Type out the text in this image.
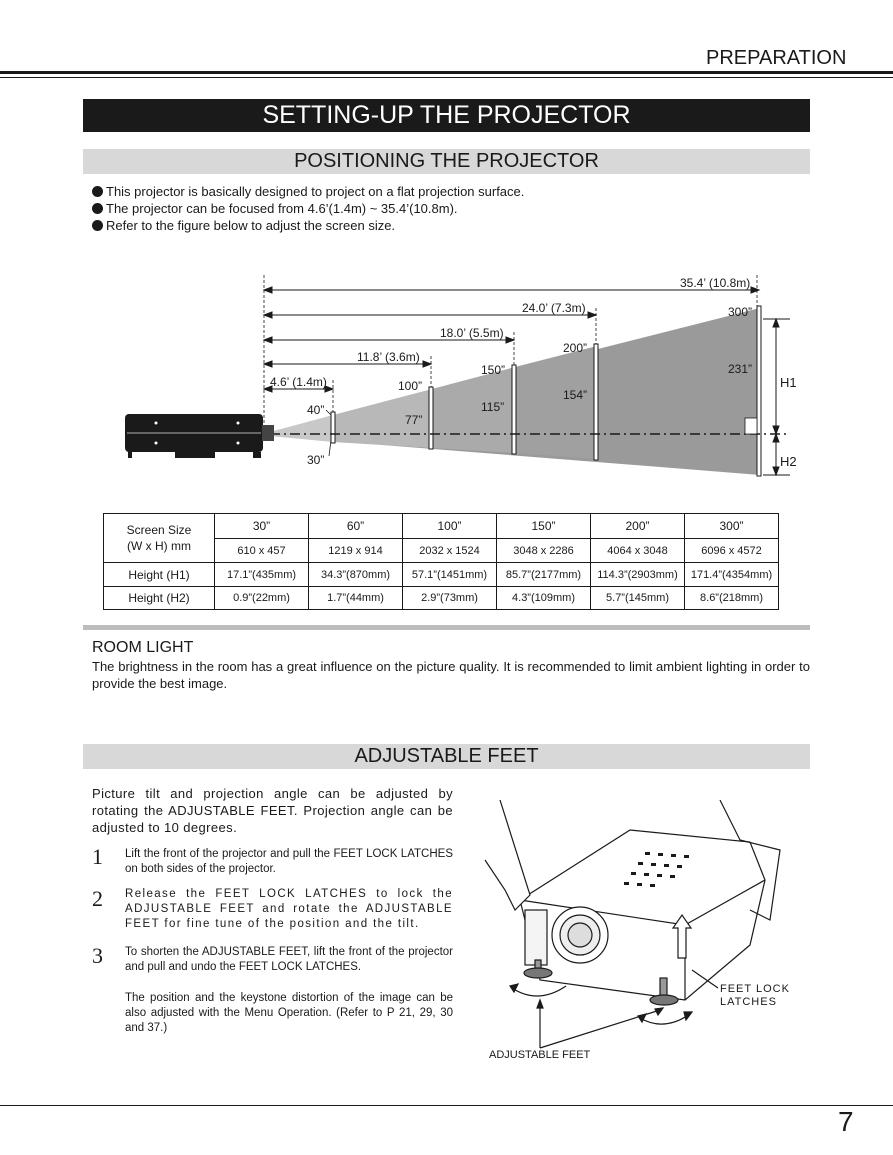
PREPARATION
SETTING-UP THE PROJECTOR
POSITIONING THE PROJECTOR
This projector is basically designed to project on a flat projection surface.
The projector can be focused from 4.6’(1.4m) ~ 35.4’(10.8m).
Refer to the figure below to adjust the screen size.
35.4’ (10.8m)
24.0’ (7.3m)
18.0’ (5.5m)
11.8’ (3.6m)
4.6’ (1.4m)
30”
40”
100”
150”
200”
300”
77”
115”
154”
231”
H1
H2
Screen Size
(W x H) mm	30”	60”	100”	150”	200”	300”
	610 x 457	1219 x 914	2032 x 1524	3048 x 2286	4064 x 3048	6096 x 4572
Height (H1)	17.1”(435mm)	34.3”(870mm)	57.1”(1451mm)	85.7”(2177mm)	114.3”(2903mm)	171.4”(4354mm)
Height (H2)	0.9”(22mm)	1.7”(44mm)	2.9”(73mm)	4.3”(109mm)	5.7”(145mm)	8.6”(218mm)
ROOM LIGHT
The brightness in the room has a great influence on the picture quality. It is recommended to limit ambient lighting in order to provide the best image.
ADJUSTABLE FEET
Picture tilt and projection angle can be adjusted by rotating the ADJUSTABLE FEET. Projection angle can be adjusted to 10 degrees.
1 Lift the front of the projector and pull the FEET LOCK LATCHES on both sides of the projector.
2 Release the FEET LOCK LATCHES to lock the ADJUSTABLE FEET and rotate the ADJUSTABLE FEET for fine tune of the position and the tilt.
3 To shorten the ADJUSTABLE FEET, lift the front of the projector and pull and undo the FEET LOCK LATCHES.
The position and the keystone distortion of the image can be also adjusted with the Menu Operation. (Refer to P 21, 29, 30 and 37.)
FEET LOCK
LATCHES
ADJUSTABLE FEET
7
